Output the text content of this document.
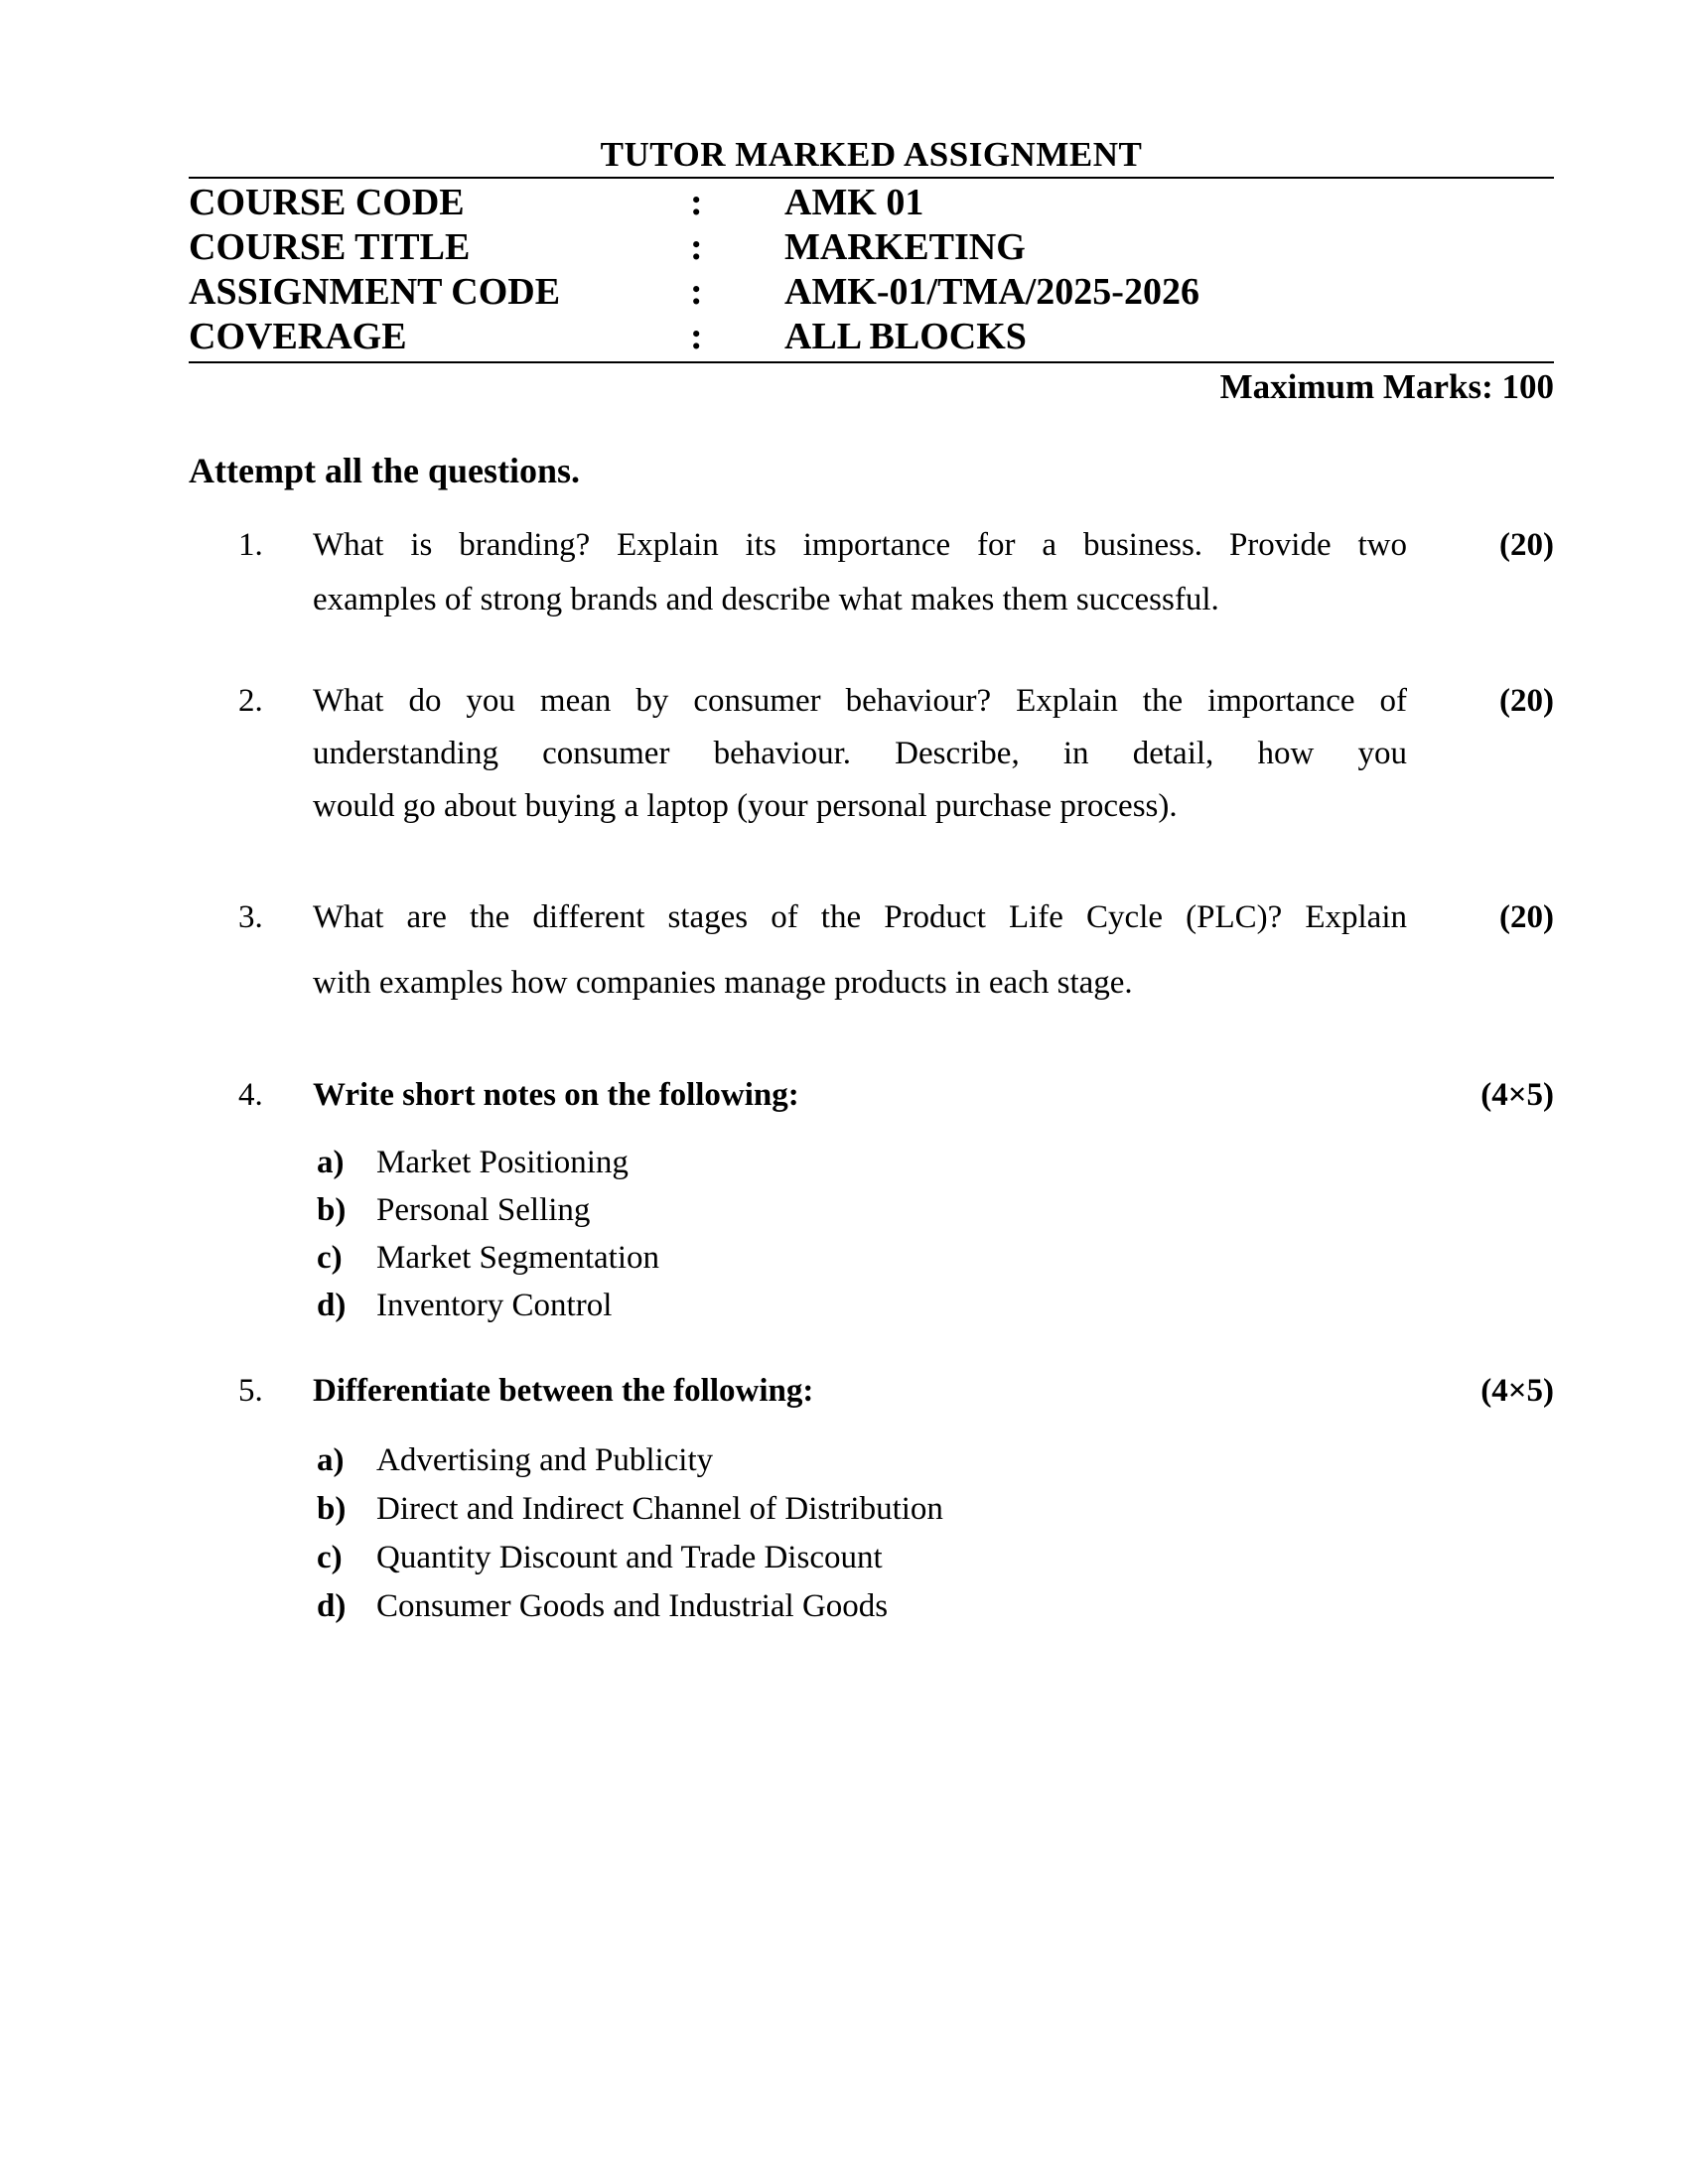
TUTOR MARKED ASSIGNMENT
COURSE CODE	:	AMK 01
COURSE TITLE	:	MARKETING
ASSIGNMENT CODE	:	AMK-01/TMA/2025-2026
COVERAGE	:	ALL BLOCKS
Maximum Marks: 100
Attempt all the questions.
1.	What is branding? Explain its importance for a business. Provide two
examples of strong brands and describe what makes them successful.
(20)
2.	What do you mean by consumer behaviour? Explain the importance of
understanding consumer behaviour. Describe, in detail, how you
would go about buying a laptop (your personal purchase process).
(20)
3.	What are the different stages of the Product Life Cycle (PLC)? Explain
with examples how companies manage products in each stage.
(20)
4.	Write short notes on the following:	(4×5)
a) Market Positioning
b) Personal Selling
c)	Market Segmentation
d) Inventory Control
5.	Differentiate between the following:	(4×5)
a) Advertising and Publicity
b) Direct and Indirect Channel of Distribution
c)	Quantity Discount and Trade Discount
d) Consumer Goods and Industrial Goods
